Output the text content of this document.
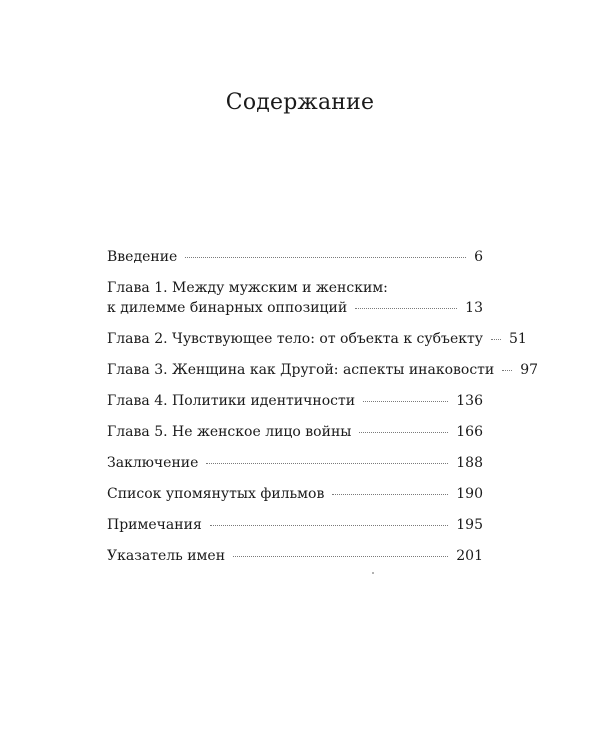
Содержание
Введение	6
Глава 1. Между мужским и женским:
к дилемме бинарных оппозиций	13
Глава 2. Чувствующее тело: от объекта к субъекту 51
Глава 3. Женщина как Другой: аспекты инаковости 97
Глава 4. Политики идентичности	136
Глава 5. Не женское лицо войны	166
Заключение	188
Список упомянутых фильмов	190
Примечания	195
Указатель имен	201
